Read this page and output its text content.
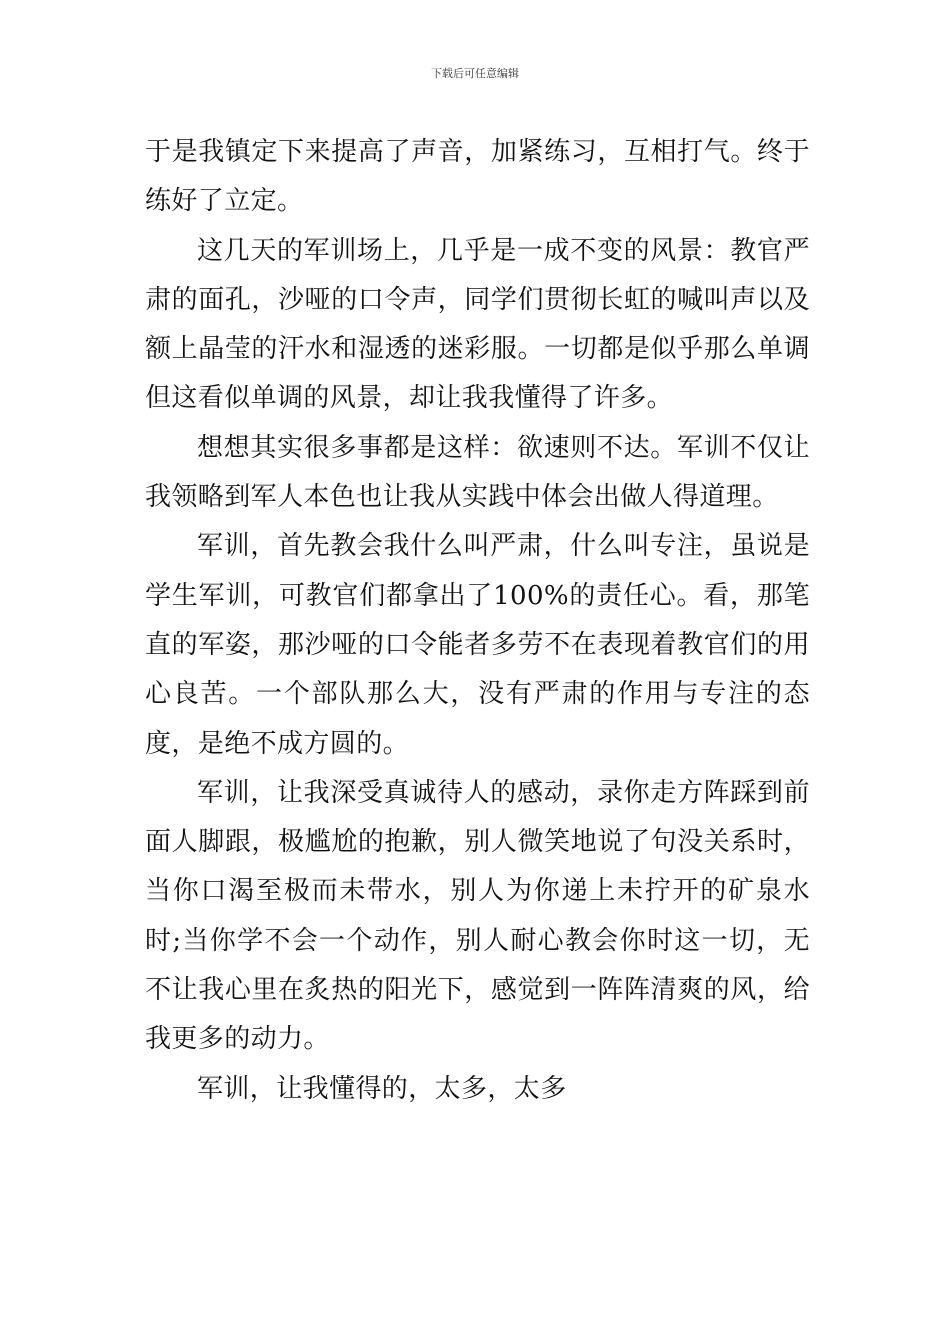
下载后可任意编辑

于是我镇定下来提高了声音，加紧练习，互相打气。终于练好了立定。

这几天的军训场上，几乎是一成不变的风景：教官严肃的面孔，沙哑的口令声，同学们贯彻长虹的喊叫声以及额上晶莹的汗水和湿透的迷彩服。一切都是似乎那么单调但这看似单调的风景，却让我我懂得了许多。

想想其实很多事都是这样：欲速则不达。军训不仅让我领略到军人本色也让我从实践中体会出做人得道理。

军训，首先教会我什么叫严肃，什么叫专注，虽说是学生军训，可教官们都拿出了100%的责任心。看，那笔直的军姿，那沙哑的口令能者多劳不在表现着教官们的用心良苦。一个部队那么大，没有严肃的作用与专注的态度，是绝不成方圆的。

军训，让我深受真诚待人的感动，录你走方阵踩到前面人脚跟，极尴尬的抱歉，别人微笑地说了句没关系时，当你口渴至极而未带水，别人为你递上未拧开的矿泉水时;当你学不会一个动作，别人耐心教会你时这一切，无不让我心里在炙热的阳光下，感觉到一阵阵清爽的风，给我更多的动力。

军训，让我懂得的，太多，太多
